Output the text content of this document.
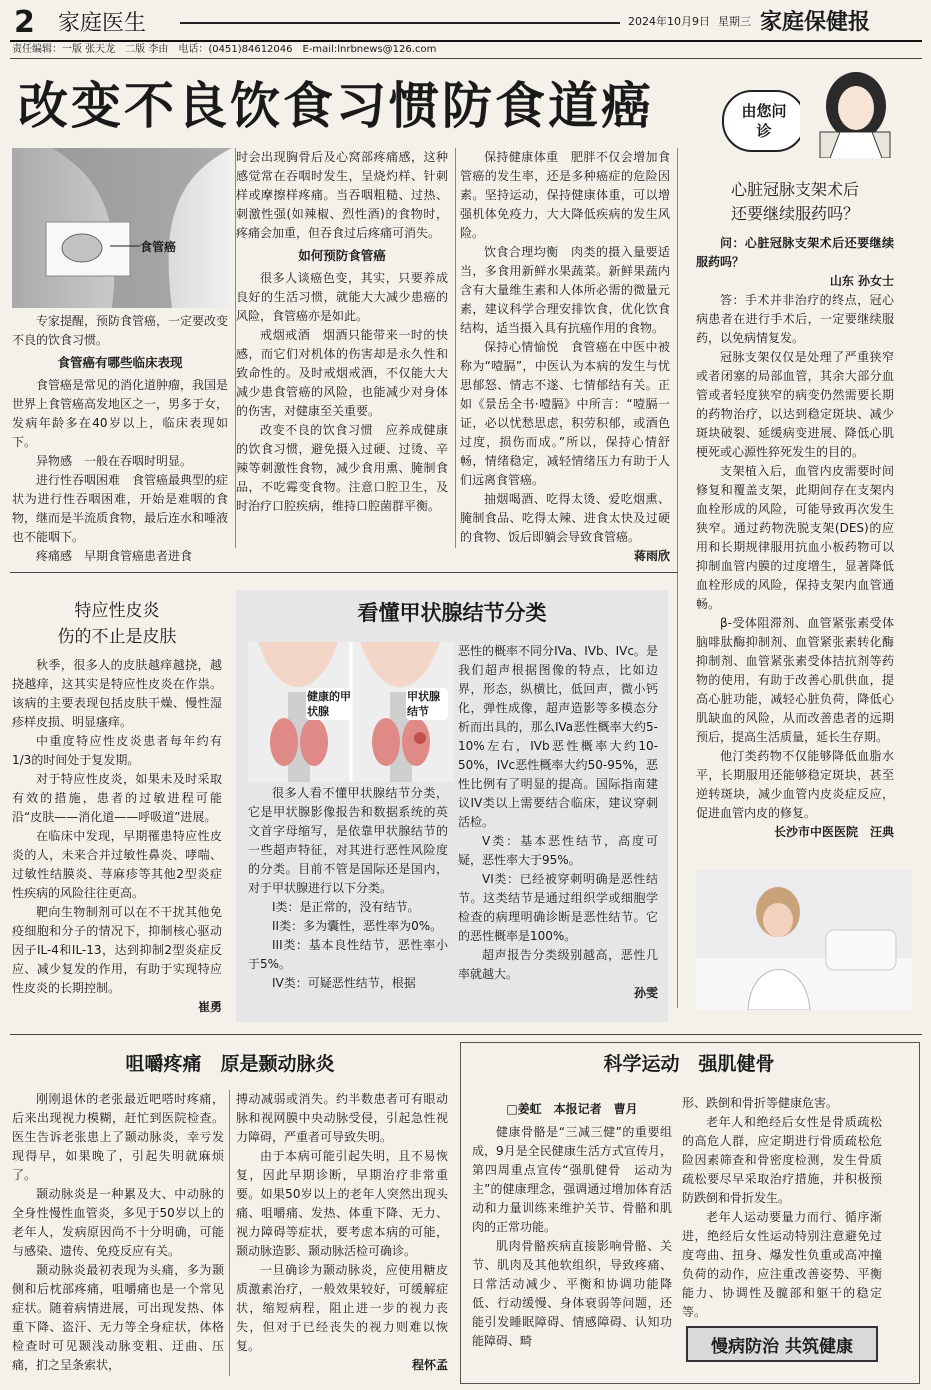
2 家庭医生	2024年10月9日 星期三 家庭保健报
责任编辑：一版 张天龙　二版 李由　电话：(0451)84612046　E-mail:lnrbnews@126.com
改变不良饮食习惯防食道癌	由您问诊
食管癌

专家提醒，预防食管癌，一定要改变不良的饮食习惯。

食管癌有哪些临床表现

食管癌是常见的消化道肿瘤，我国是世界上食管癌高发地区之一，男多于女，发病年龄多在40岁以上，临床表现如下。

异物感　一般在吞咽时明显。

进行性吞咽困难　食管癌最典型的症状为进行性吞咽困难，开始是难咽的食物，继而是半流质食物，最后连水和唾液也不能咽下。

疼痛感　早期食管癌患者进食

时会出现胸骨后及心窝部疼痛感，这种感觉常在吞咽时发生，呈烧灼样、针刺样或摩擦样疼痛。当吞咽粗糙、过热、刺激性强(如辣椒、烈性酒)的食物时，疼痛会加重，但吞食过后疼痛可消失。

如何预防食管癌

很多人谈癌色变，其实，只要养成良好的生活习惯，就能大大减少患癌的风险，食管癌亦是如此。

戒烟戒酒　烟酒只能带来一时的快感，而它们对机体的伤害却是永久性和致命性的。及时戒烟戒酒，不仅能大大减少患食管癌的风险，也能减少对身体的伤害，对健康至关重要。

改变不良的饮食习惯　应养成健康的饮食习惯，避免摄入过硬、过烫、辛辣等刺激性食物，减少食用熏、腌制食品，不吃霉变食物。注意口腔卫生，及时治疗口腔疾病，维持口腔菌群平衡。

保持健康体重　肥胖不仅会增加食管癌的发生率，还是多种癌症的危险因素。坚持运动，保持健康体重，可以增强机体免疫力，大大降低疾病的发生风险。

饮食合理均衡　肉类的摄入量要适当，多食用新鲜水果蔬菜。新鲜果蔬内含有大量维生素和人体所必需的微量元素，建议科学合理安排饮食，优化饮食结构，适当摄入具有抗癌作用的食物。

保持心情愉悦　食管癌在中医中被称为“噎膈”，中医认为本病的发生与忧思郁怒、情志不遂、七情郁结有关。正如《景岳全书·噎膈》中所言：“噎膈一证，必以忧愁思虑，积劳积郁，或酒色过度，损伤而成。”所以，保持心情舒畅，情绪稳定，减轻情绪压力有助于人们远离食管癌。

抽烟喝酒、吃得太烫、爱吃烟熏、腌制食品、吃得太辣、进食太快及过硬的食物、饭后即躺会导致食管癌。

蒋雨欣
心脏冠脉支架术后
还要继续服药吗？

问：心脏冠脉支架术后还要继续服药吗？

山东 孙女士

答：手术并非治疗的终点，冠心病患者在进行手术后，一定要继续服药，以免病情复发。

冠脉支架仅仅是处理了严重狭窄或者闭塞的局部血管，其余大部分血管或者轻度狭窄的病变仍然需要长期的药物治疗，以达到稳定斑块、减少斑块破裂、延缓病变进展、降低心肌梗死或心源性猝死发生的目的。

支架植入后，血管内皮需要时间修复和覆盖支架，此期间存在支架内血栓形成的风险，可能导致再次发生狭窄。通过药物洗脱支架(DES)的应用和长期规律服用抗血小板药物可以抑制血管内膜的过度增生，显著降低血栓形成的风险，保持支架内血管通畅。

β-受体阻滞剂、血管紧张素受体脑啡肽酶抑制剂、血管紧张素转化酶抑制剂、血管紧张素受体拮抗剂等药物的使用，有助于改善心肌供血，提高心脏功能，减轻心脏负荷，降低心肌缺血的风险，从而改善患者的远期预后，提高生活质量，延长生存期。

他汀类药物不仅能够降低血脂水平，长期服用还能够稳定斑块，甚至逆转斑块，减少血管内皮炎症反应，促进血管内皮的修复。

长沙市中医医院　汪典
特应性皮炎
伤的不止是皮肤

秋季，很多人的皮肤越痒越挠，越挠越痒，这其实是特应性皮炎在作祟。该病的主要表现包括皮肤干燥、慢性湿疹样皮损、明显瘙痒。

中重度特应性皮炎患者每年约有1/3的时间处于复发期。

对于特应性皮炎，如果未及时采取有效的措施，患者的过敏进程可能沿“皮肤——消化道——呼吸道”进展。

在临床中发现，早期罹患特应性皮炎的人，未来合并过敏性鼻炎、哮喘、过敏性结膜炎、荨麻疹等其他2型炎症性疾病的风险往往更高。

靶向生物制剂可以在不干扰其他免疫细胞和分子的情况下，抑制核心驱动因子IL-4和IL-13，达到抑制2型炎症反应、减少复发的作用，有助于实现特应性皮炎的长期控制。

崔勇
看懂甲状腺结节分类
健康的甲状腺
甲状腺结节

很多人看不懂甲状腺结节分类，它是甲状腺影像报告和数据系统的英文首字母缩写，是依靠甲状腺结节的一些超声特征，对其进行恶性风险度的分类。目前不管是国际还是国内，对于甲状腺进行以下分类。

I类：是正常的，没有结节。

II类：多为囊性，恶性率为0%。

III类：基本良性结节，恶性率小于5%。

IV类：可疑恶性结节，根据

恶性的概率不同分IVa、IVb、IVc。是我们超声根据图像的特点，比如边界，形态，纵横比，低回声，微小钙化，弹性成像，超声造影等多模态分析而出具的，那么IVa恶性概率大约5-10%左右，IVb恶性概率大约10-50%，IVc恶性概率大约50-95%，恶性比例有了明显的提高。国际指南建议IV类以上需要结合临床，建议穿刺活检。

V类：基本恶性结节，高度可疑，恶性率大于95%。

VI类：已经被穿刺明确是恶性结节。这类结节是通过组织学或细胞学检查的病理明确诊断是恶性结节。它的恶性概率是100%。

超声报告分类级别越高，恶性几率就越大。

孙雯
咀嚼疼痛　原是颞动脉炎

刚刚退休的老张最近吧嗒时疼痛，后来出现视力模糊，赶忙到医院检查。医生告诉老张患上了颞动脉炎，幸亏发现得早，如果晚了，引起失明就麻烦了。

颞动脉炎是一种累及大、中动脉的全身性慢性血管炎，多见于50岁以上的老年人，发病原因尚不十分明确，可能与感染、遗传、免疫反应有关。

颞动脉炎最初表现为头痛，多为颞侧和后枕部疼痛，咀嚼痛也是一个常见症状。随着病情进展，可出现发热、体重下降、盗汗、无力等全身症状，体格检查时可见颞浅动脉变粗、迂曲、压痛，扪之呈条索状，

搏动减弱或消失。约半数患者可有眼动脉和视网膜中央动脉受侵，引起急性视力障碍，严重者可导致失明。

由于本病可能引起失明，且不易恢复，因此早期诊断，早期治疗非常重要。如果50岁以上的老年人突然出现头痛、咀嚼痛、发热、体重下降、无力、视力障碍等症状，要考虑本病的可能，颞动脉造影、颞动脉活检可确诊。

一旦确诊为颞动脉炎，应使用糖皮质激素治疗，一般效果较好，可缓解症状，缩短病程，阻止进一步的视力丧失，但对于已经丧失的视力则难以恢复。

程怀孟
科学运动　强肌健骨
□姜虹　本报记者　曹月

健康骨骼是“三减三健”的重要组成，9月是全民健康生活方式宣传月，第四周重点宣传“强肌健骨　运动为主”的健康理念，强调通过增加体育活动和力量训练来维护关节、骨骼和肌肉的正常功能。

肌肉骨骼疾病直接影响骨骼、关节、肌肉及其他软组织，导致疼痛、日常活动减少、平衡和协调功能降低、行动缓慢、身体衰弱等问题，还能引发睡眠障碍、情感障碍、认知功能障碍、畸

形、跌倒和骨折等健康危害。

老年人和绝经后女性是骨质疏松的高危人群，应定期进行骨质疏松危险因素筛查和骨密度检测，发生骨质疏松要尽早采取治疗措施，并积极预防跌倒和骨折发生。

老年人运动要量力而行、循序渐进，绝经后女性运动特别注意避免过度弯曲、扭身、爆发性负重或高冲撞负荷的动作，应注重改善姿势、平衡能力、协调性及髋部和躯干的稳定等。

慢病防治 共筑健康
